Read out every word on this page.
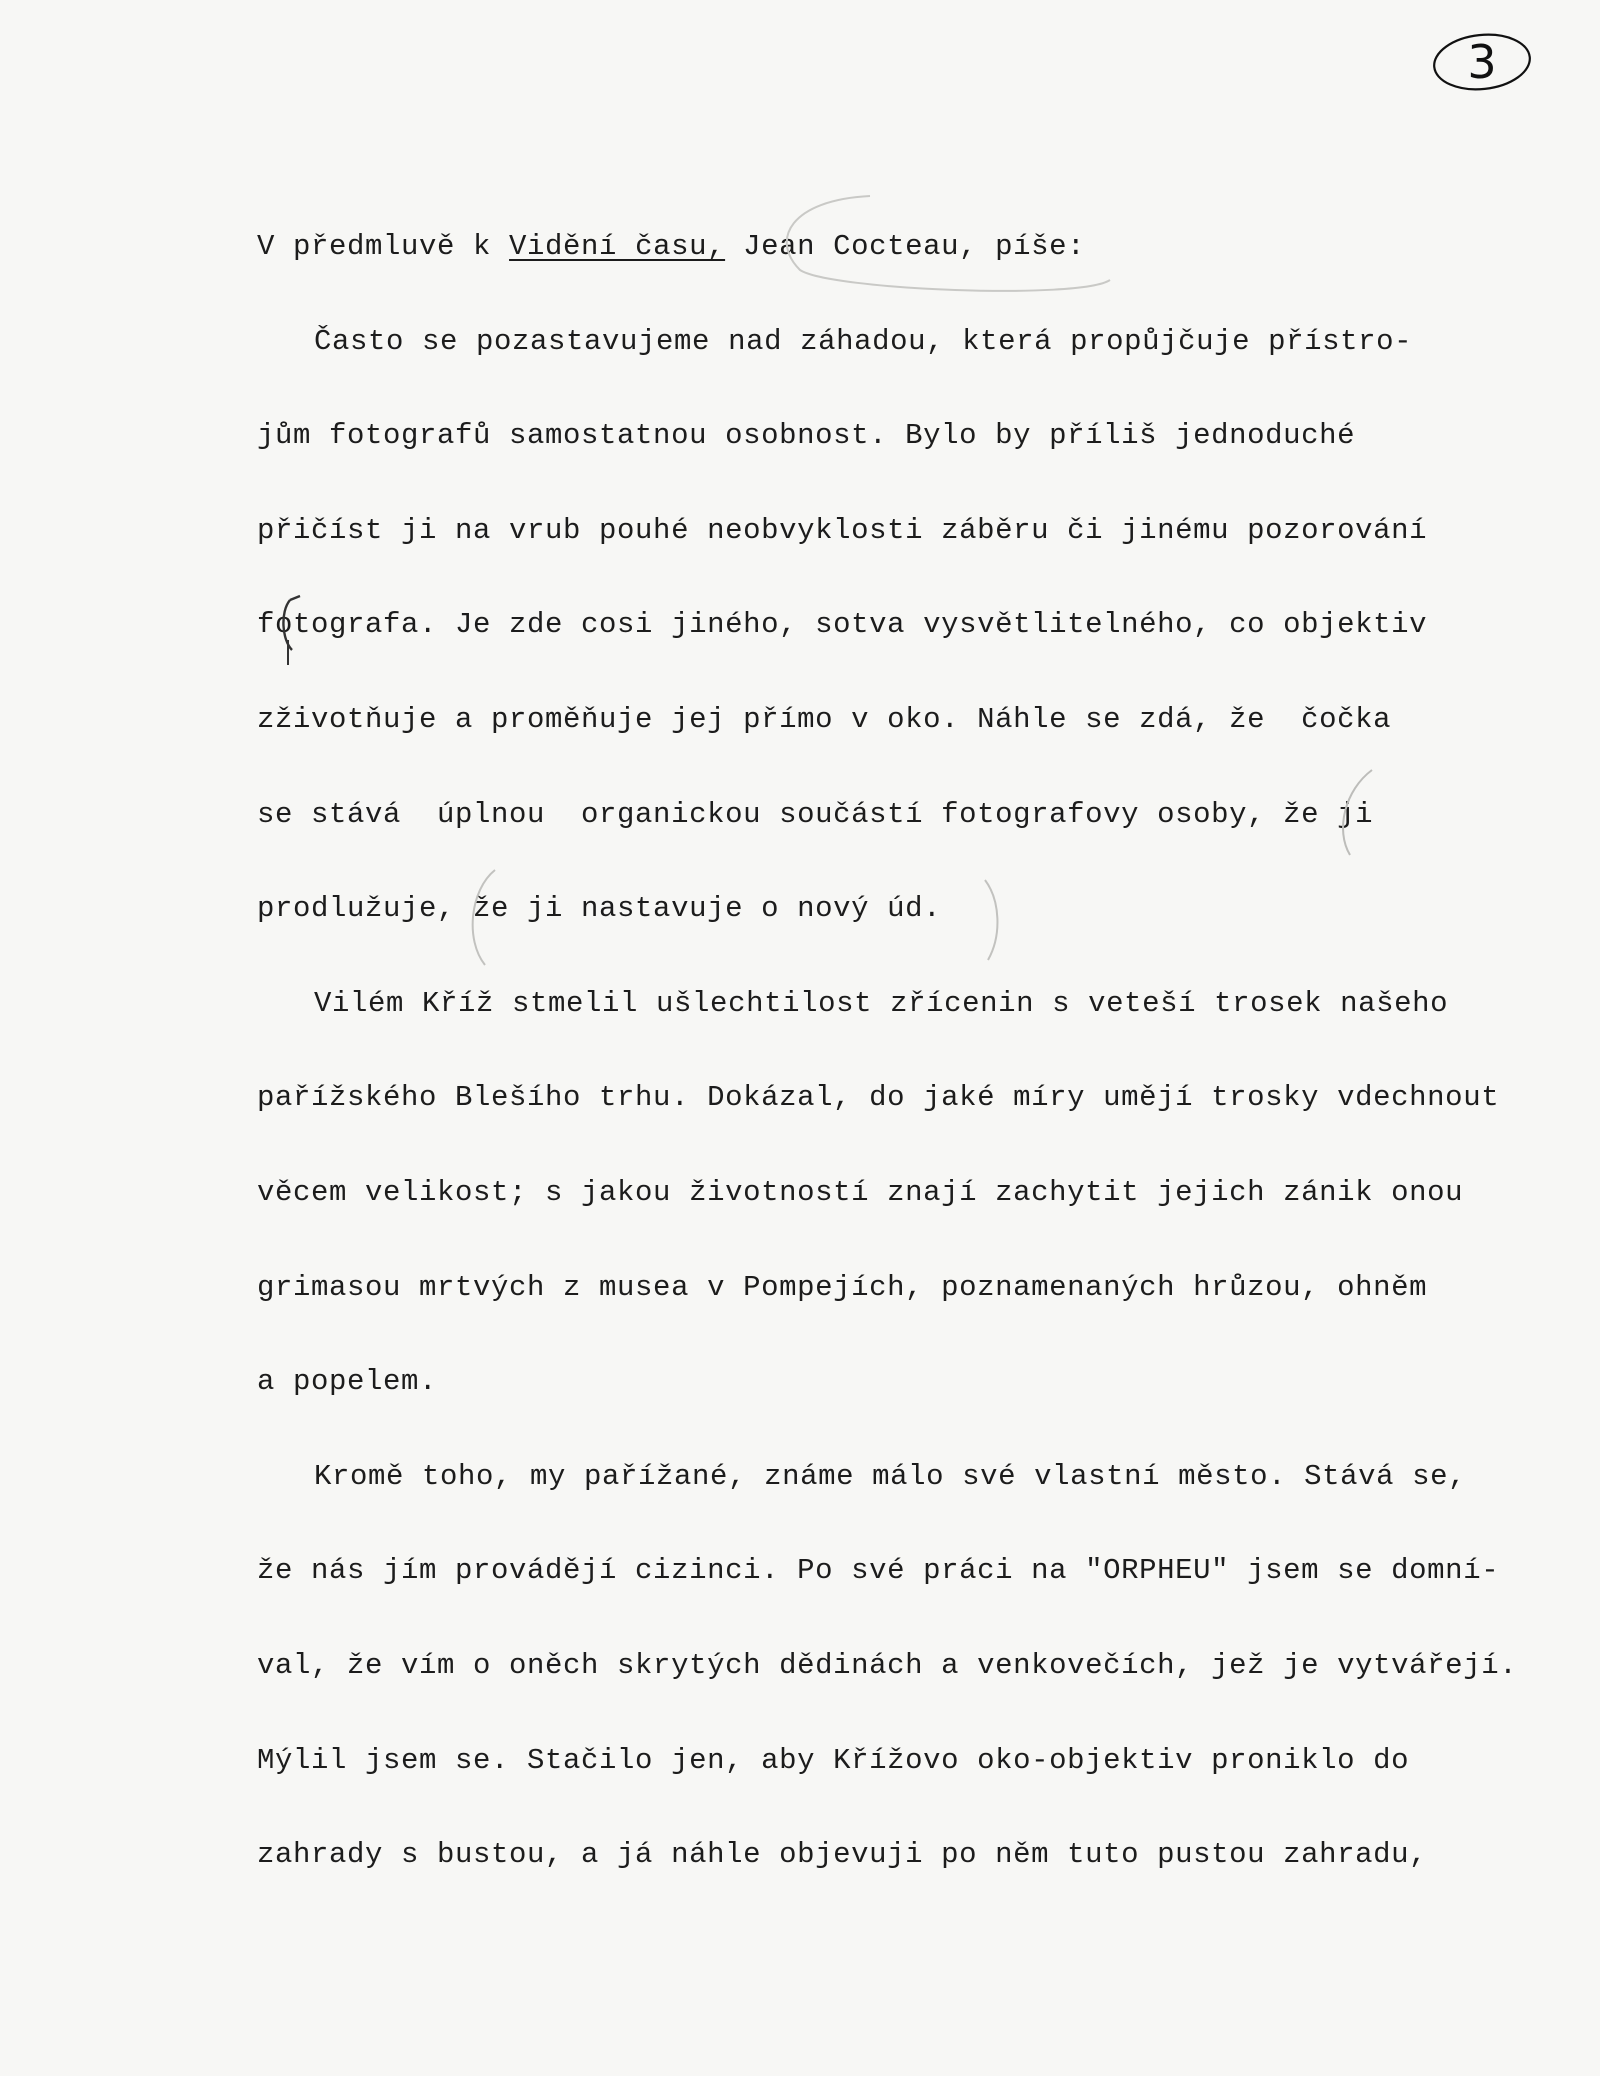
3
V předmluvě k Vidění času, Jean Cocteau, píše:
Často se pozastavujeme nad záhadou, která propůjčuje přístro-
jům fotografů samostatnou osobnost. Bylo by příliš jednoduché
přičíst ji na vrub pouhé neobvyklosti záběru či jinému pozorování
fotografa. Je zde cosi jiného, sotva vysvětlitelného, co objektiv
zživotňuje a proměňuje jej přímo v oko. Náhle se zdá, že  čočka
se stává  úplnou  organickou součástí fotografovy osoby, že ji
prodlužuje, že ji nastavuje o nový úd.
Vilém Kříž stmelil ušlechtilost zřícenin s veteší trosek našeho
pařížského Blešího trhu. Dokázal, do jaké míry umějí trosky vdechnout
věcem velikost; s jakou životností znají zachytit jejich zánik onou
grimasou mrtvých z musea v Pompejích, poznamenaných hrůzou, ohněm
a popelem.
Kromě toho, my pařížané, známe málo své vlastní město. Stává se,
že nás jím provádějí cizinci. Po své práci na "ORPHEU" jsem se domní-
val, že vím o oněch skrytých dědinách a venkovečích, jež je vytvářejí.
Mýlil jsem se. Stačilo jen, aby Křížovo oko-objektiv proniklo do
zahrady s bustou, a já náhle objevuji po něm tuto pustou zahradu,
